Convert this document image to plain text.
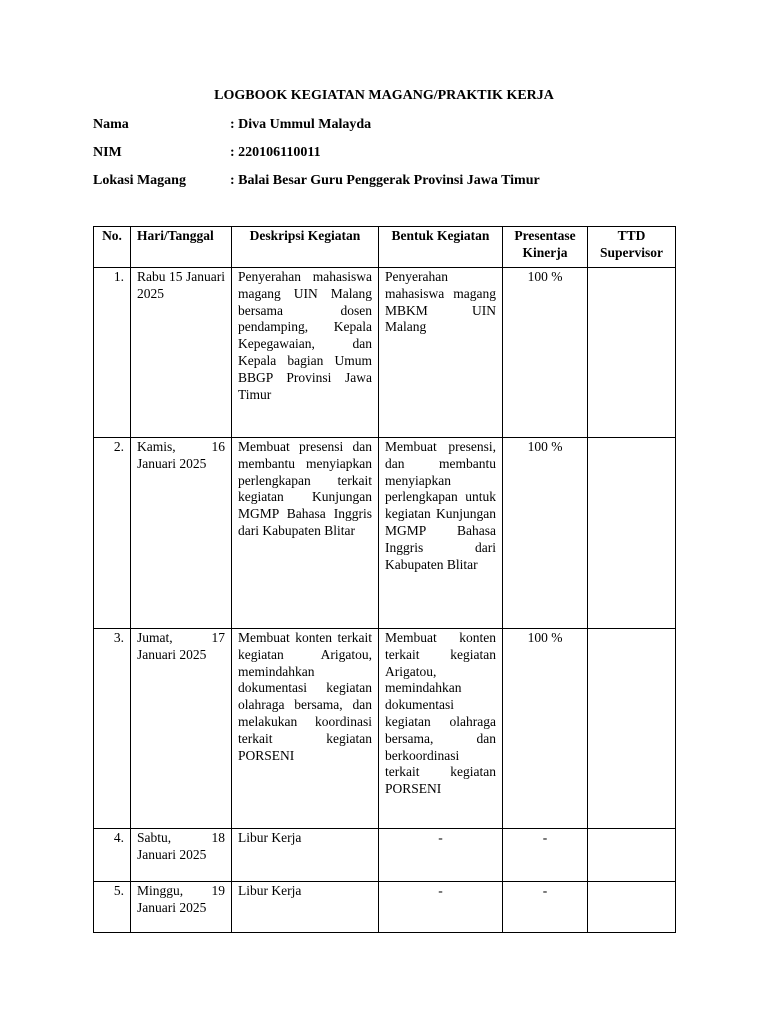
LOGBOOK KEGIATAN MAGANG/PRAKTIK KERJA
Nama	: Diva Ummul Malayda
NIM	: 220106110011
Lokasi Magang	: Balai Besar Guru Penggerak Provinsi Jawa Timur
No.	Hari/Tanggal	Deskripsi Kegiatan	Bentuk Kegiatan	Presentase Kinerja	TTD Supervisor
1.	Rabu 15 Januari 2025	Penyerahan mahasiswa magang UIN Malang bersama dosen pendamping, Kepala Kepegawaian, dan Kepala bagian Umum BBGP Provinsi Jawa Timur	Penyerahan mahasiswa magang MBKM UIN Malang	100 %	
2.	Kamis, 16 Januari 2025	Membuat presensi dan membantu menyiapkan perlengkapan terkait kegiatan Kunjungan MGMP Bahasa Inggris dari Kabupaten Blitar	Membuat presensi, dan membantu menyiapkan perlengkapan untuk kegiatan Kunjungan MGMP Bahasa Inggris dari Kabupaten Blitar	100 %	
3.	Jumat, 17 Januari 2025	Membuat konten terkait kegiatan Arigatou, memindahkan dokumentasi kegiatan olahraga bersama, dan melakukan koordinasi terkait kegiatan PORSENI	Membuat konten terkait kegiatan Arigatou, memindahkan dokumentasi kegiatan olahraga bersama, dan berkoordinasi terkait kegiatan PORSENI	100 %	
4.	Sabtu, 18 Januari 2025	Libur Kerja	-	-	
5.	Minggu, 19 Januari 2025	Libur Kerja	-	-	
